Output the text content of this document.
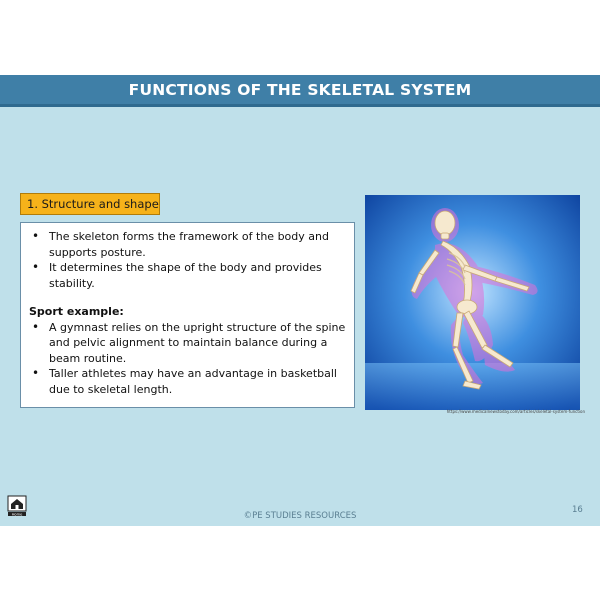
FUNCTIONS OF THE SKELETAL SYSTEM
1. Structure and shape
• The skeleton forms the framework of the body and supports posture.
• It determines the shape of the body and provides stability.
Sport example:
• A gymnast relies on the upright structure of the spine and pelvic alignment to maintain balance during a beam routine.
• Taller athletes may have an advantage in basketball due to skeletal length.
https://www.medicalnewstoday.com/articles/skeletal-system-function
Home	©PE STUDIES RESOURCES
16
